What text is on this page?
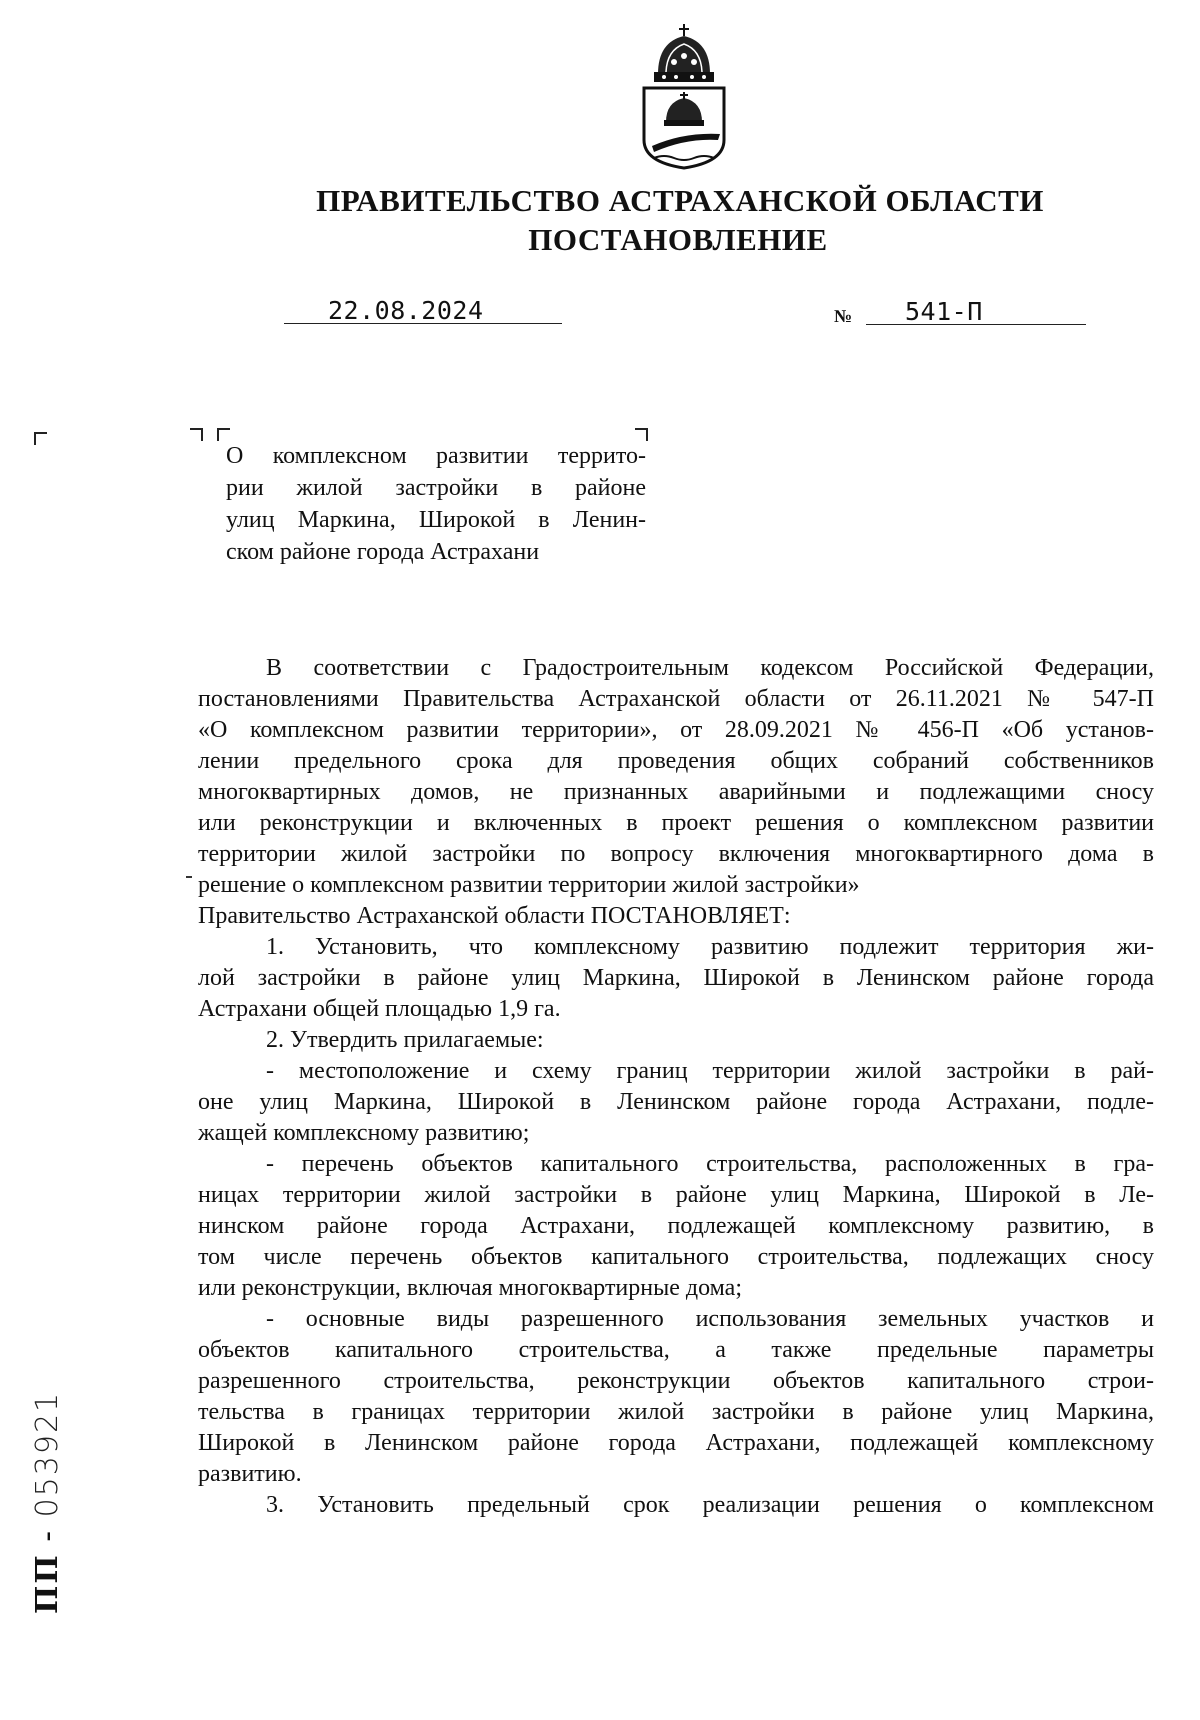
ПРАВИТЕЛЬСТВО АСТРАХАНСКОЙ ОБЛАСТИ
ПОСТАНОВЛЕНИЕ
22.08.2024	№ 541-П

О комплексном развитии террито-

рии жилой застройки в районе

улиц Маркина, Широкой в Ленин-

ском районе города Астрахани

В соответствии с Градостроительным кодексом Российской Федерации,

постановлениями Правительства Астраханской области от 26.11.2021 № 547-П

«О комплексном развитии территории», от 28.09.2021 № 456-П «Об установ-

лении предельного срока для проведения общих собраний собственников

многоквартирных домов, не признанных аварийными и подлежащими сносу

или реконструкции и включенных в проект решения о комплексном развитии

территории жилой застройки по вопросу включения многоквартирного дома в

решение о комплексном развитии территории жилой застройки»

Правительство Астраханской области ПОСТАНОВЛЯЕТ:

1. Установить, что комплексному развитию подлежит территория жи-

лой застройки в районе улиц Маркина, Широкой в Ленинском районе города

Астрахани общей площадью 1,9 га.

2. Утвердить прилагаемые:

- местоположение и схему границ территории жилой застройки в рай-

оне улиц Маркина, Широкой в Ленинском районе города Астрахани, подле-

жащей комплексному развитию;

- перечень объектов капитального строительства, расположенных в гра-

ницах территории жилой застройки в районе улиц Маркина, Широкой в Ле-

нинском районе города Астрахани, подлежащей комплексному развитию, в

том числе перечень объектов капитального строительства, подлежащих сносу

или реконструкции, включая многоквартирные дома;

- основные виды разрешенного использования земельных участков и

объектов капитального строительства, а также предельные параметры

разрешенного строительства, реконструкции объектов капитального строи-

тельства в границах территории жилой застройки в районе улиц Маркина,

Широкой в Ленинском районе города Астрахани, подлежащей комплексному

развитию.

3. Установить предельный срок реализации решения о комплексном

ПП - 053921
